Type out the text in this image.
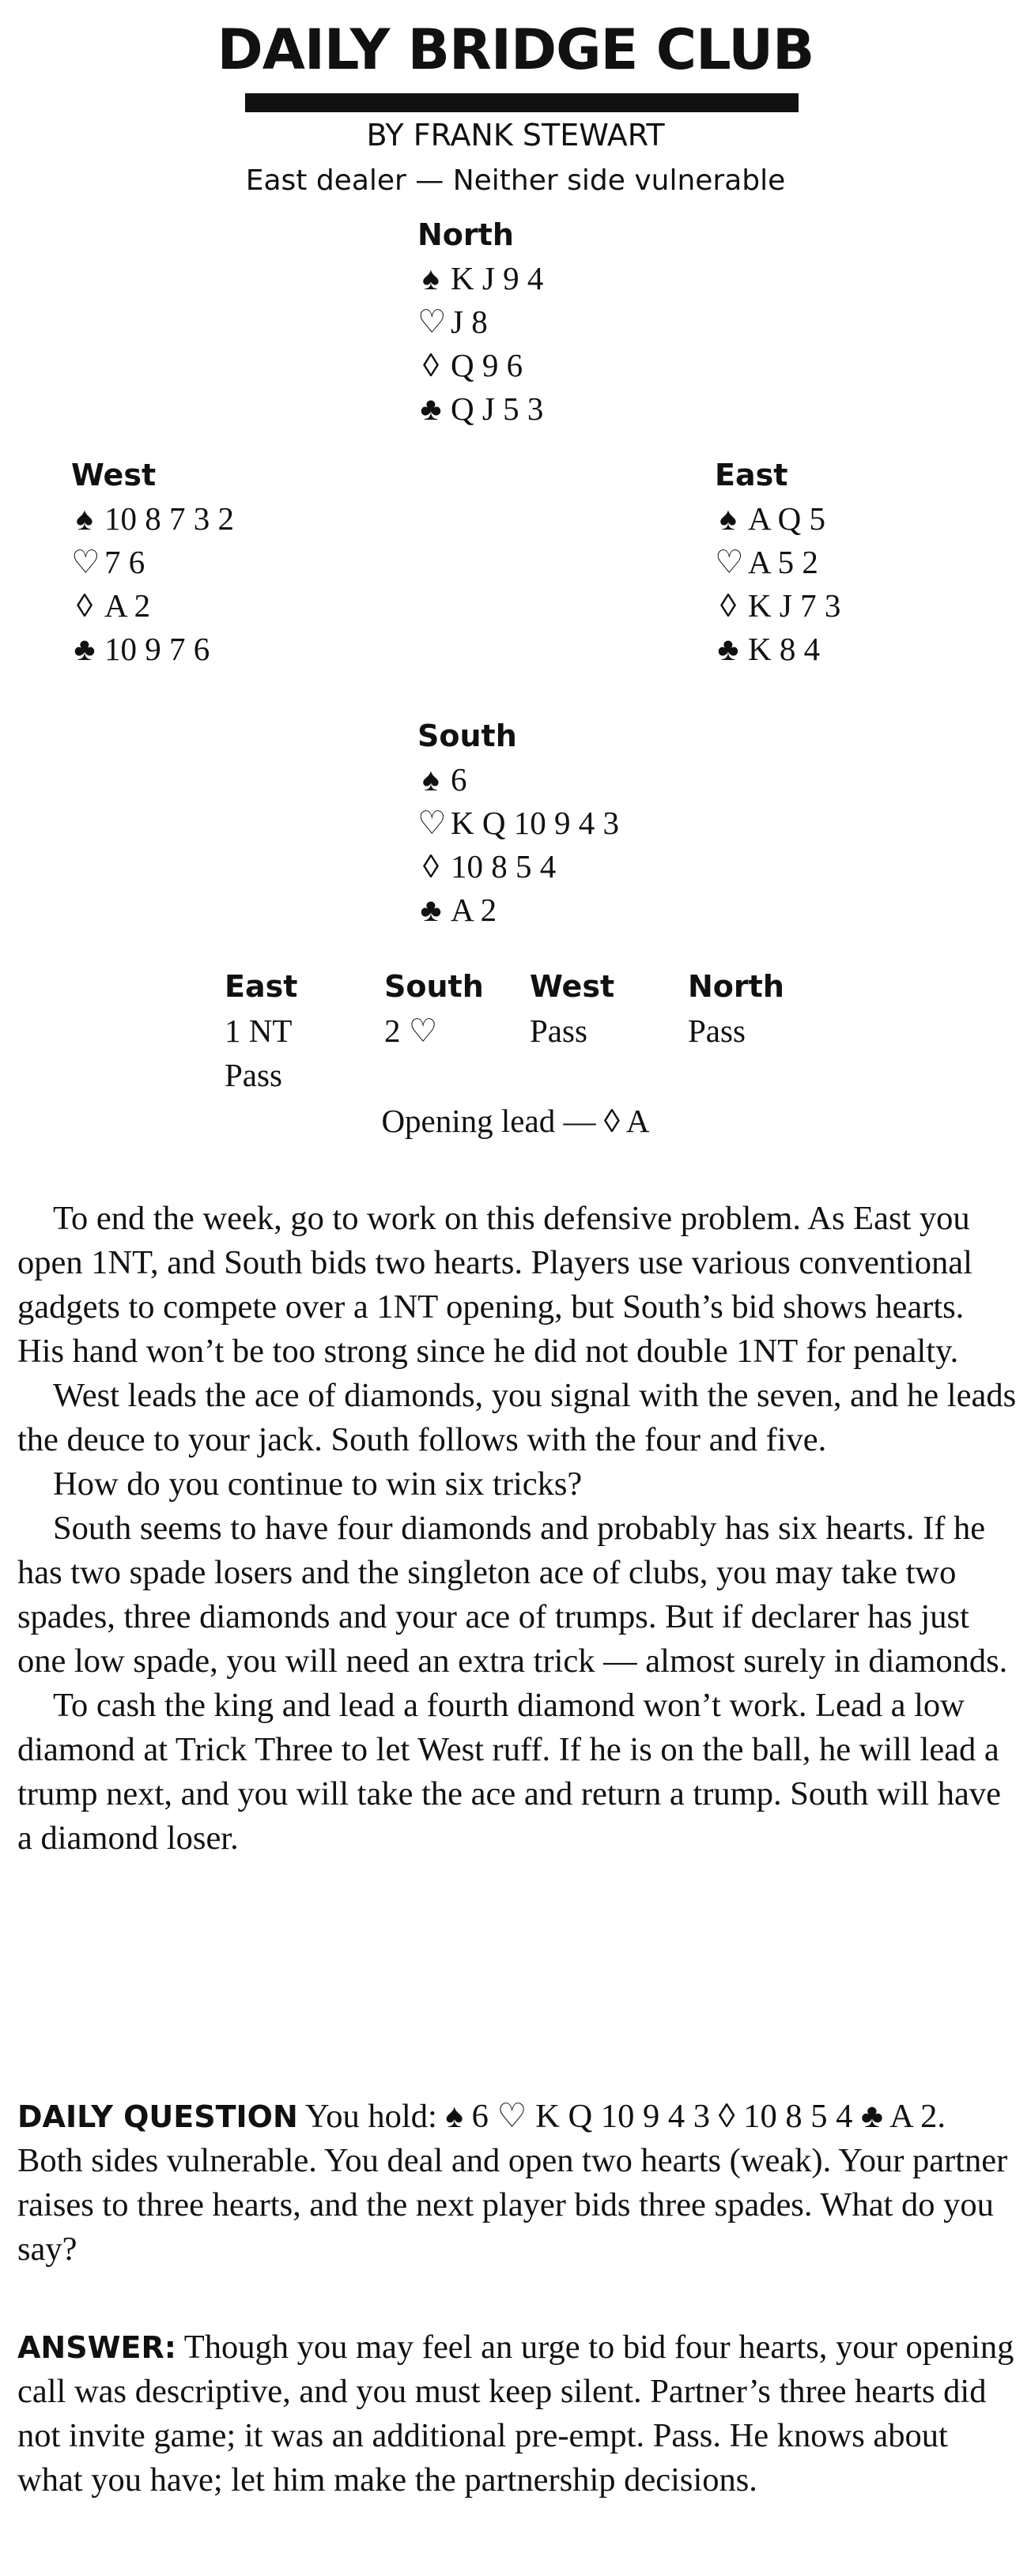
DAILY BRIDGE CLUB
BY FRANK STEWART
East dealer — Neither side vulnerable
North
♠ K J 9 4
♡ J 8
◊ Q 9 6
♣ Q J 5 3
West
♠ 10 8 7 3 2
♡ 7 6
◊ A 2
♣ 10 9 7 6
East
♠ A Q 5
♡ A 5 2
◊ K J 7 3
♣ K 8 4
South
♠ 6
♡ K Q 10 9 4 3
◊ 10 8 5 4
♣ A 2
East
1 NT
Pass
South
2 ♡
West
Pass
North
Pass
Opening lead — ◊ A

To end the week, go to work on this defensive problem. As East you open 1NT, and South bids two hearts. Players use various conventional gadgets to compete over a 1NT opening, but South’s bid shows hearts. His hand won’t be too strong since he did not double 1NT for penalty.

West leads the ace of diamonds, you signal with the seven, and he leads the deuce to your jack. South follows with the four and five.

How do you continue to win six tricks?

South seems to have four diamonds and probably has six hearts. If he has two spade losers and the singleton ace of clubs, you may take two spades, three diamonds and your ace of trumps. But if declarer has just one low spade, you will need an extra trick — almost surely in diamonds.

To cash the king and lead a fourth diamond won’t work. Lead a low diamond at Trick Three to let West ruff. If he is on the ball, he will lead a trump next, and you will take the ace and return a trump. South will have a diamond loser.

DAILY QUESTION You hold: ♠ 6 ♡ K Q 10 9 4 3 ◊ 10 8 5 4 ♣ A 2. Both sides vulnerable. You deal and open two hearts (weak). Your partner raises to three hearts, and the next player bids three spades. What do you say?
ANSWER: Though you may feel an urge to bid four hearts, your opening call was descriptive, and you must keep silent. Partner’s three hearts did not invite game; it was an additional pre-empt. Pass. He knows about what you have; let him make the partnership decisions.
